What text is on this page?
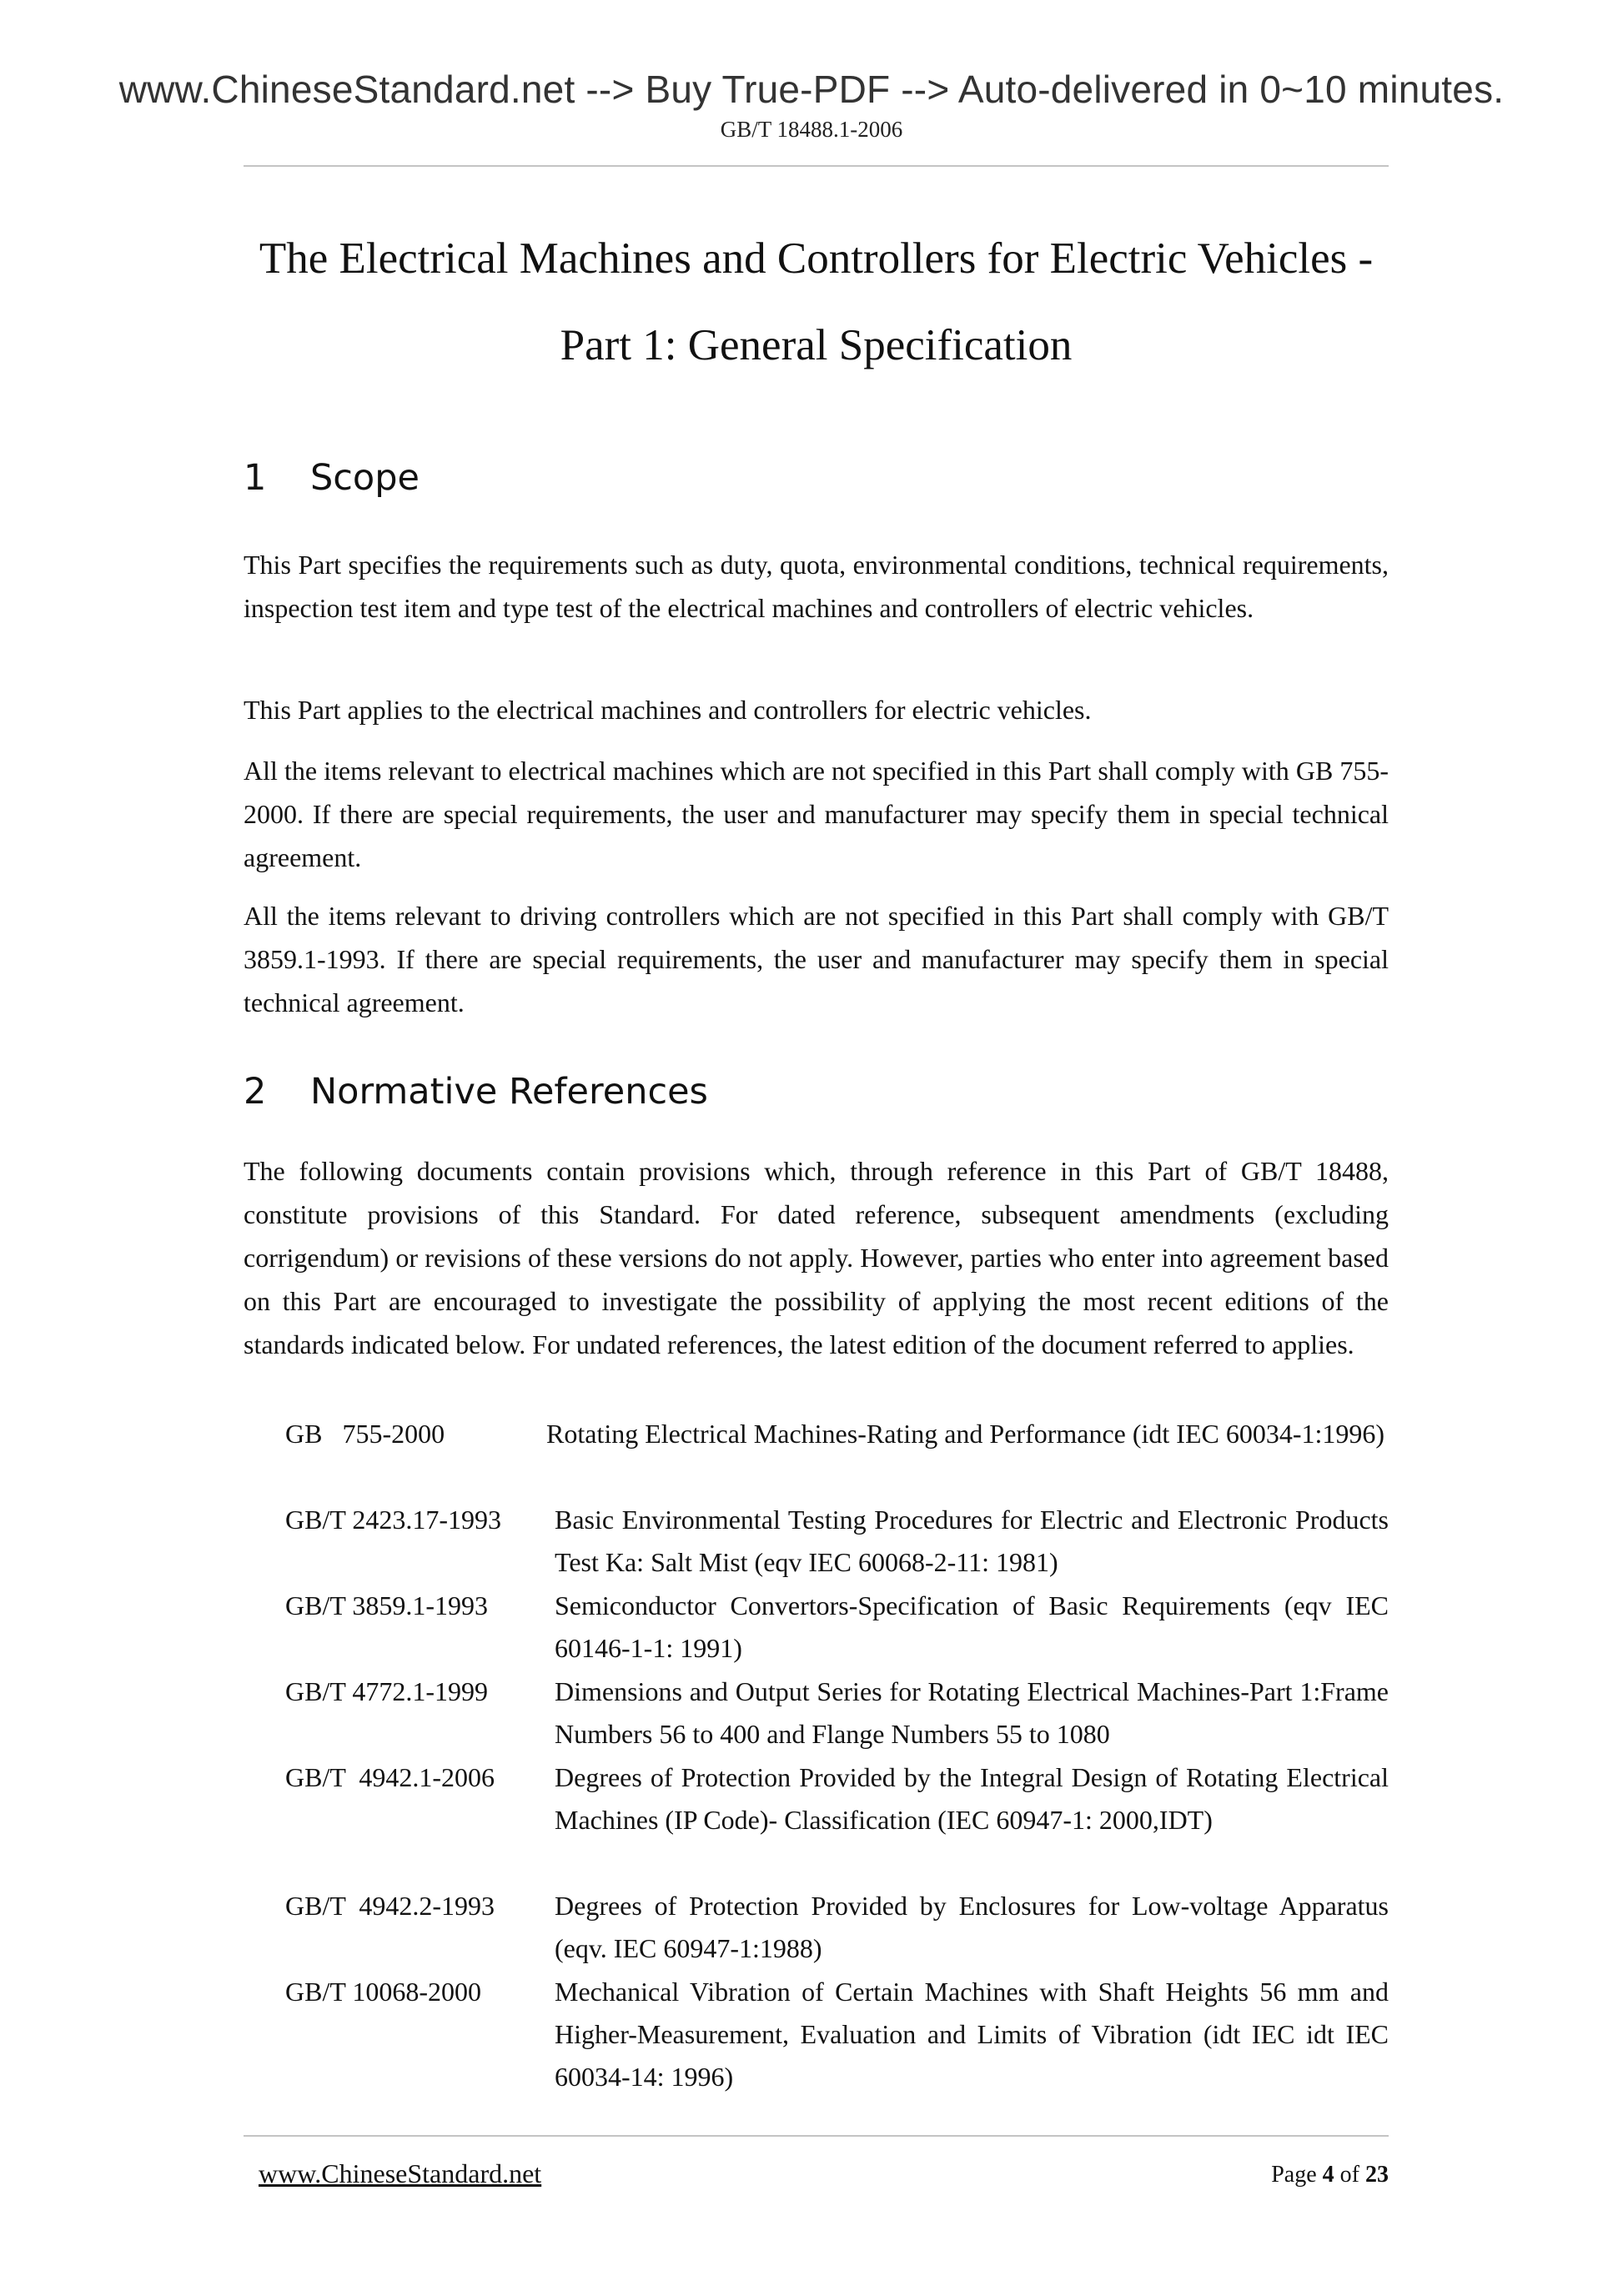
www.ChineseStandard.net --> Buy True-PDF --> Auto-delivered in 0~10 minutes.
GB/T 18488.1-2006
The Electrical Machines and Controllers for Electric Vehicles -
Part 1: General Specification
1 Scope

This Part specifies the requirements such as duty, quota, environmental conditions, technical requirements, inspection test item and type test of the electrical machines and controllers of electric vehicles.

This Part applies to the electrical machines and controllers for electric vehicles.

All the items relevant to electrical machines which are not specified in this Part shall comply with GB 755-2000. If there are special requirements, the user and manufacturer may specify them in special technical agreement.

All the items relevant to driving controllers which are not specified in this Part shall comply with GB/T 3859.1-1993. If there are special requirements, the user and manufacturer may specify them in special technical agreement.

2 Normative References

The following documents contain provisions which, through reference in this Part of GB/T 18488, constitute provisions of this Standard. For dated reference, subsequent amendments (excluding corrigendum) or revisions of these versions do not apply. However, parties who enter into agreement based on this Part are encouraged to investigate the possibility of applying the most recent editions of the standards indicated below. For undated references, the latest edition of the document referred to applies.

GB   755-2000	Rotating Electrical Machines-Rating and Performance (idt IEC 60034-1:1996)
GB/T 2423.17-1993 Basic Environmental Testing Procedures for Electric and Electronic Products Test Ka: Salt Mist (eqv IEC 60068-2-11: 1981)
GB/T 3859.1-1993	Semiconductor Convertors-Specification of Basic Requirements (eqv IEC 60146-1-1: 1991)
GB/T 4772.1-1999	Dimensions and Output Series for Rotating Electrical Machines-Part 1:Frame Numbers 56 to 400 and Flange Numbers 55 to 1080
GB/T  4942.1-2006 Degrees of Protection Provided by the Integral Design of Rotating Electrical Machines (IP Code)- Classification (IEC 60947-1: 2000,IDT)
GB/T  4942.2-1993 Degrees of Protection Provided by Enclosures for Low-voltage Apparatus (eqv. IEC 60947-1:1988)
GB/T 10068-2000	Mechanical Vibration of Certain Machines with Shaft Heights 56 mm and Higher-Measurement, Evaluation and Limits of Vibration (idt IEC idt IEC 60034-14: 1996)
www.ChineseStandard.net	Page 4 of 23
